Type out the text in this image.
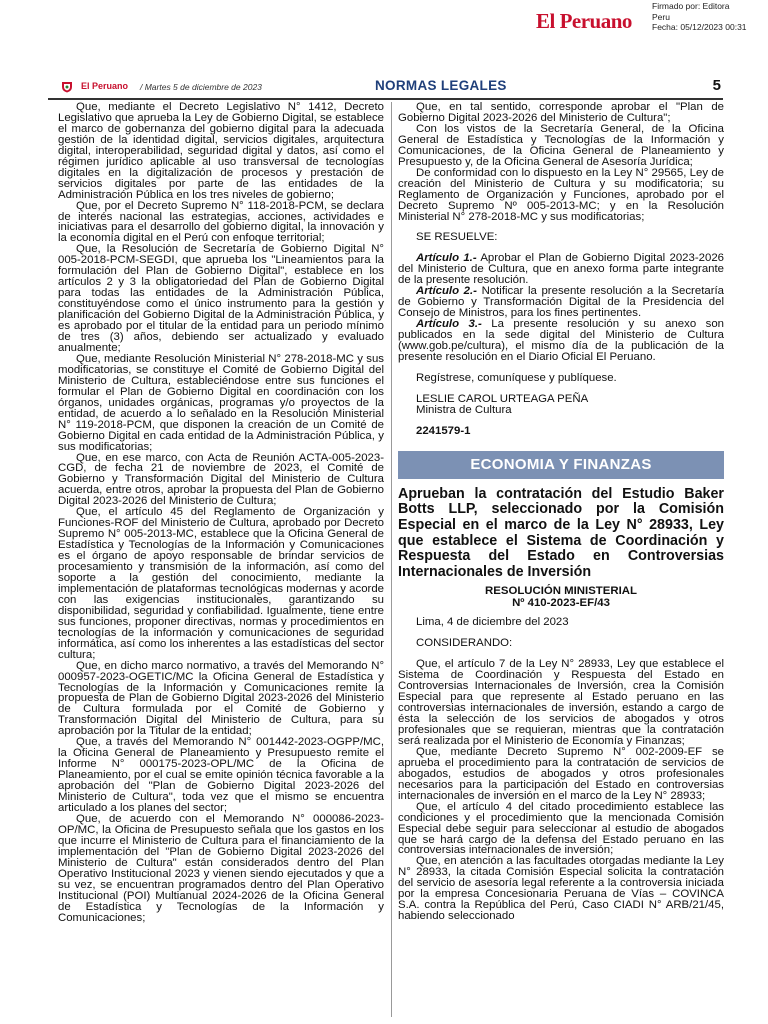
El Peruano
Firmado por: Editora
Peru
Fecha: 05/12/2023 00:31
El Peruano / Martes 5 de diciembre de 2023	NORMAS LEGALES	5

Que, mediante el Decreto Legislativo N° 1412, Decreto Legislativo que aprueba la Ley de Gobierno Digital, se establece el marco de gobernanza del gobierno digital para la adecuada gestión de la identidad digital, servicios digitales, arquitectura digital, interoperabilidad, seguridad digital y datos, así como el régimen jurídico aplicable al uso transversal de tecnologías digitales en la digitalización de procesos y prestación de servicios digitales por parte de las entidades de la Administración Pública en los tres niveles de gobierno;

Que, por el Decreto Supremo N° 118-2018-PCM, se declara de interés nacional las estrategias, acciones, actividades e iniciativas para el desarrollo del gobierno digital, la innovación y la economía digital en el Perú con enfoque territorial;

Que, la Resolución de Secretaría de Gobierno Digital N° 005-2018-PCM-SEGDI, que aprueba los "Lineamientos para la formulación del Plan de Gobierno Digital", establece en los artículos 2 y 3 la obligatoriedad del Plan de Gobierno Digital para todas las entidades de la Administración Pública, constituyéndose como el único instrumento para la gestión y planificación del Gobierno Digital de la Administración Pública, y es aprobado por el titular de la entidad para un periodo mínimo de tres (3) años, debiendo ser actualizado y evaluado anualmente;

Que, mediante Resolución Ministerial N° 278-2018-MC y sus modificatorias, se constituye el Comité de Gobierno Digital del Ministerio de Cultura, estableciéndose entre sus funciones el formular el Plan de Gobierno Digital en coordinación con los órganos, unidades orgánicas, programas y/o proyectos de la entidad, de acuerdo a lo señalado en la Resolución Ministerial N° 119-2018-PCM, que disponen la creación de un Comité de Gobierno Digital en cada entidad de la Administración Pública, y sus modificatorias;

Que, en ese marco, con Acta de Reunión ACTA-005-2023-CGD, de fecha 21 de noviembre de 2023, el Comité de Gobierno y Transformación Digital del Ministerio de Cultura acuerda, entre otros, aprobar la propuesta del Plan de Gobierno Digital 2023-2026 del Ministerio de Cultura;

Que, el artículo 45 del Reglamento de Organización y Funciones-ROF del Ministerio de Cultura, aprobado por Decreto Supremo N° 005-2013-MC, establece que la Oficina General de Estadística y Tecnologías de la Información y Comunicaciones es el órgano de apoyo responsable de brindar servicios de procesamiento y transmisión de la información, así como del soporte a la gestión del conocimiento, mediante la implementación de plataformas tecnológicas modernas y acorde con las exigencias institucionales, garantizando su disponibilidad, seguridad y confiabilidad. Igualmente, tiene entre sus funciones, proponer directivas, normas y procedimientos en tecnologías de la información y comunicaciones de seguridad informática, así como los inherentes a las estadísticas del sector cultura;

Que, en dicho marco normativo, a través del Memorando N° 000957-2023-OGETIC/MC la Oficina General de Estadística y Tecnologías de la Información y Comunicaciones remite la propuesta de Plan de Gobierno Digital 2023-2026 del Ministerio de Cultura formulada por el Comité de Gobierno y Transformación Digital del Ministerio de Cultura, para su aprobación por la Titular de la entidad;

Que, a través del Memorando N° 001442-2023-OGPP/MC, la Oficina General de Planeamiento y Presupuesto remite el Informe N° 000175-2023-OPL/MC de la Oficina de Planeamiento, por el cual se emite opinión técnica favorable a la aprobación del "Plan de Gobierno Digital 2023-2026 del Ministerio de Cultura", toda vez que el mismo se encuentra articulado a los planes del sector;

Que, de acuerdo con el Memorando N° 000086-2023-OP/MC, la Oficina de Presupuesto señala que los gastos en los que incurre el Ministerio de Cultura para el financiamiento de la implementación del "Plan de Gobierno Digital 2023-2026 del Ministerio de Cultura" están considerados dentro del Plan Operativo Institucional 2023 y vienen siendo ejecutados y que a su vez, se encuentran programados dentro del Plan Operativo Institucional (POI) Multianual 2024-2026 de la Oficina General de Estadística y Tecnologías de la Información y Comunicaciones;

Que, en tal sentido, corresponde aprobar el "Plan de Gobierno Digital 2023-2026 del Ministerio de Cultura";

Con los vistos de la Secretaría General, de la Oficina General de Estadística y Tecnologías de la Información y Comunicaciones, de la Oficina General de Planeamiento y Presupuesto y, de la Oficina General de Asesoría Jurídica;

De conformidad con lo dispuesto en la Ley N° 29565, Ley de creación del Ministerio de Cultura y su modificatoria; su Reglamento de Organización y Funciones, aprobado por el Decreto Supremo Nº 005-2013-MC; y en la Resolución Ministerial N° 278-2018-MC y sus modificatorias;

SE RESUELVE:

Artículo 1.- Aprobar el Plan de Gobierno Digital 2023-2026 del Ministerio de Cultura, que en anexo forma parte integrante de la presente resolución.

Artículo 2.- Notificar la presente resolución a la Secretaría de Gobierno y Transformación Digital de la Presidencia del Consejo de Ministros, para los fines pertinentes.

Artículo 3.- La presente resolución y su anexo son publicados en la sede digital del Ministerio de Cultura (www.gob.pe/cultura), el mismo día de la publicación de la presente resolución en el Diario Oficial El Peruano.

Regístrese, comuníquese y publíquese.

LESLIE CAROL URTEAGA PEÑA

Ministra de Cultura

2241579-1

ECONOMIA Y FINANZAS
Aprueban la contratación del Estudio Baker Botts LLP, seleccionado por la Comisión Especial en el marco de la Ley N° 28933, Ley que establece el Sistema de Coordinación y Respuesta del Estado en Controversias Internacionales de Inversión
RESOLUCIÓN MINISTERIAL
Nº 410-2023-EF/43

Lima, 4 de diciembre del 2023

CONSIDERANDO:

Que, el artículo 7 de la Ley N° 28933, Ley que establece el Sistema de Coordinación y Respuesta del Estado en Controversias Internacionales de Inversión, crea la Comisión Especial para que represente al Estado peruano en las controversias internacionales de inversión, estando a cargo de ésta la selección de los servicios de abogados y otros profesionales que se requieran, mientras que la contratación será realizada por el Ministerio de Economía y Finanzas;

Que, mediante Decreto Supremo N° 002-2009-EF se aprueba el procedimiento para la contratación de servicios de abogados, estudios de abogados y otros profesionales necesarios para la participación del Estado en controversias internacionales de inversión en el marco de la Ley N° 28933;

Que, el artículo 4 del citado procedimiento establece las condiciones y el procedimiento que la mencionada Comisión Especial debe seguir para seleccionar al estudio de abogados que se hará cargo de la defensa del Estado peruano en las controversias internacionales de inversión;

Que, en atención a las facultades otorgadas mediante la Ley N° 28933, la citada Comisión Especial solicita la contratación del servicio de asesoría legal referente a la controversia iniciada por la empresa Concesionaria Peruana de Vías – COVINCA S.A. contra la República del Perú, Caso CIADI N° ARB/21/45, habiendo seleccionado
